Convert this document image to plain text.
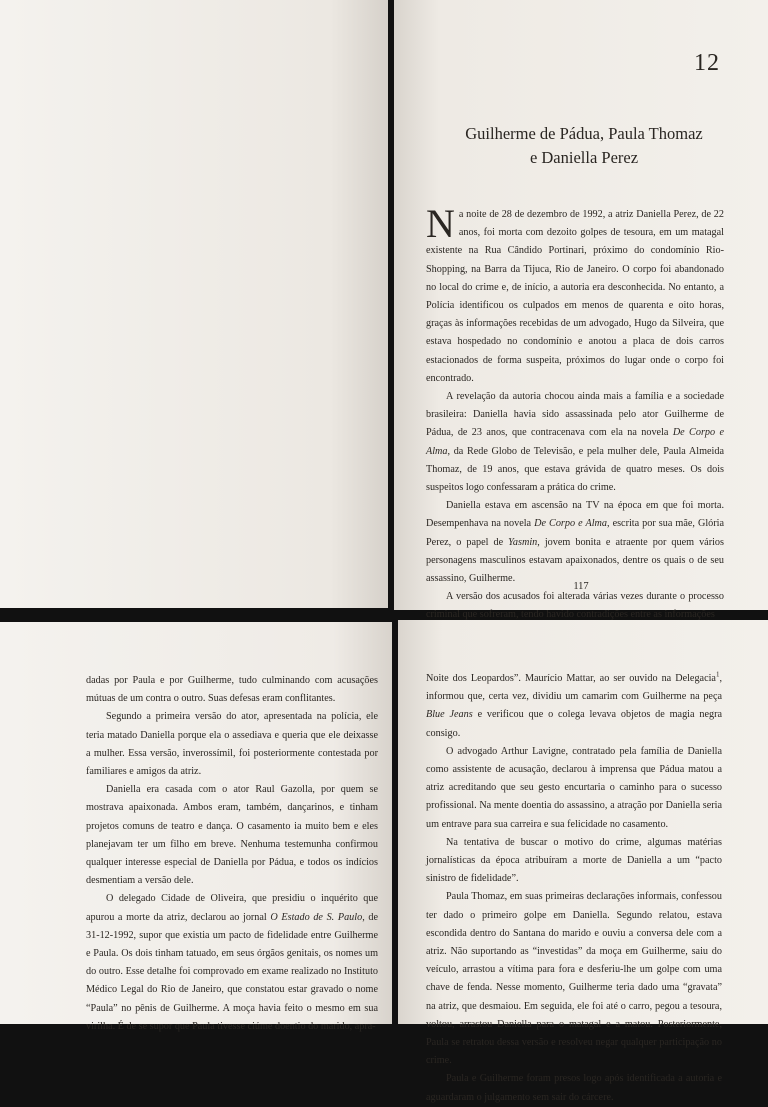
12
Guilherme de Pádua, Paula Thomaz
e Daniella Perez

Na noite de 28 de dezembro de 1992, a atriz Daniella Perez, de 22 anos, foi morta com dezoito golpes de tesoura, em um matagal existente na Rua Cândido Portinari, próximo do condomínio Rio-Shopping, na Barra da Tijuca, Rio de Janeiro. O corpo foi abandonado no local do crime e, de início, a autoria era desconhecida. No entanto, a Polícia identificou os culpados em menos de quarenta e oito horas, graças às informações recebidas de um advogado, Hugo da Silveira, que estava hospedado no condomínio e anotou a placa de dois carros estacionados de forma suspeita, próximos do lugar onde o corpo foi encontrado.

A revelação da autoria chocou ainda mais a família e a sociedade brasileira: Daniella havia sido assassinada pelo ator Guilherme de Pádua, de 23 anos, que contracenava com ela na novela De Corpo e Alma, da Rede Globo de Televisão, e pela mulher dele, Paula Almeida Thomaz, de 19 anos, que estava grávida de quatro meses. Os dois suspeitos logo confessaram a prática do crime.

Daniella estava em ascensão na TV na época em que foi morta. Desempenhava na novela De Corpo e Alma, escrita por sua mãe, Glória Perez, o papel de Yasmin, jovem bonita e atraente por quem vários personagens masculinos estavam apaixonados, dentre os quais o de seu assassino, Guilherme.

A versão dos acusados foi alterada várias vezes durante o processo criminal que sofreram, tendo havido contradições entre as informações

117

dadas por Paula e por Guilherme, tudo culminando com acusações mútuas de um contra o outro. Suas defesas eram conflitantes.

Segundo a primeira versão do ator, apresentada na polícia, ele teria matado Daniella porque ela o assediava e queria que ele deixasse a mulher. Essa versão, inverossímil, foi posteriormente contestada por familiares e amigos da atriz.

Daniella era casada com o ator Raul Gazolla, por quem se mostrava apaixonada. Ambos eram, também, dançarinos, e tinham projetos comuns de teatro e dança. O casamento ia muito bem e eles planejavam ter um filho em breve. Nenhuma testemunha confirmou qualquer interesse especial de Daniella por Pádua, e todos os indícios desmentiam a versão dele.

O delegado Cidade de Oliveira, que presidiu o inquérito que apurou a morte da atriz, declarou ao jornal O Estado de S. Paulo, de 31-12-1992, supor que existia um pacto de fidelidade entre Guilherme e Paula. Os dois tinham tatuado, em seus órgãos genitais, os nomes um do outro. Esse detalhe foi comprovado em exame realizado no Instituto Médico Legal do Rio de Janeiro, que constatou estar gravado o nome “Paula” no pênis de Guilherme. A moça havia feito o mesmo em sua virilha. É de se supor que Paula tivesse ciúme doentio do marido, apra-

Noite dos Leopardos”. Maurício Mattar, ao ser ouvido na Delegacia$^1$, informou que, certa vez, dividiu um camarim com Guilherme na peça Blue Jeans e verificou que o colega levava objetos de magia negra consigo.

O advogado Arthur Lavigne, contratado pela família de Daniella como assistente de acusação, declarou à imprensa que Pádua matou a atriz acreditando que seu gesto encurtaria o caminho para o sucesso profissional. Na mente doentia do assassino, a atração por Daniella seria um entrave para sua carreira e sua felicidade no casamento.

Na tentativa de buscar o motivo do crime, algumas matérias jornalísticas da época atribuíram a morte de Daniella a um “pacto sinistro de fidelidade”.

Paula Thomaz, em suas primeiras declarações informais, confessou ter dado o primeiro golpe em Daniella. Segundo relatou, estava escondida dentro do Santana do marido e ouviu a conversa dele com a atriz. Não suportando as “investidas” da moça em Guilherme, saiu do veículo, arrastou a vítima para fora e desferiu-lhe um golpe com uma chave de fenda. Nesse momento, Guilherme teria dado uma “gravata” na atriz, que desmaiou. Em seguida, ele foi até o carro, pegou a tesoura, voltou, arrastou Daniella para o matagal e a matou. Posteriormente, Paula se retratou dessa versão e resolveu negar qualquer participação no crime.

Paula e Guilherme foram presos logo após identificada a autoria e aguardaram o julgamento sem sair do cárcere.
